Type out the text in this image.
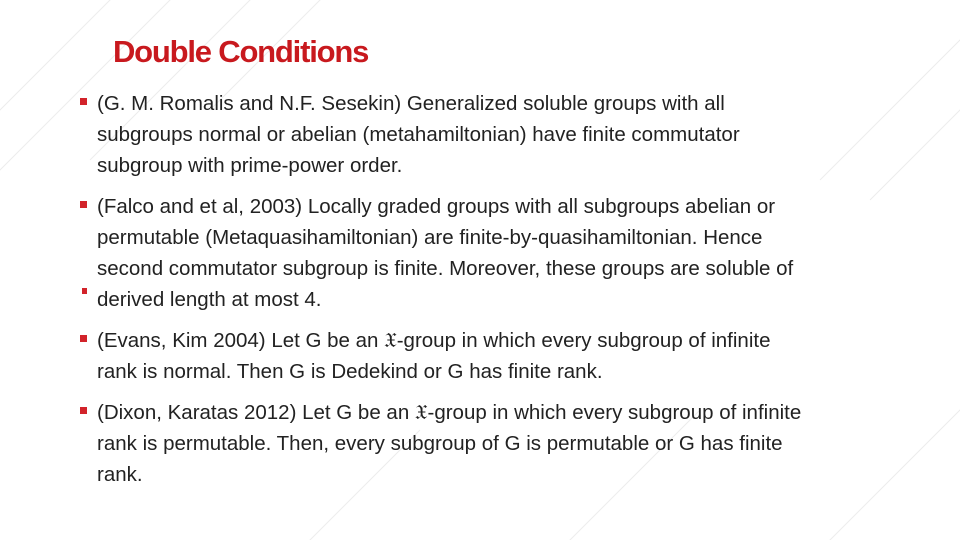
Double Conditions
(G. M. Romalis and N.F. Sesekin) Generalized soluble groups with all
subgroups normal or abelian (metahamiltonian) have finite commutator
subgroup with prime-power order.
(Falco and et al, 2003) Locally graded groups with all subgroups abelian or
permutable (Metaquasihamiltonian) are finite-by-quasihamiltonian. Hence
second commutator subgroup is finite. Moreover, these groups are soluble of
derived length at most 4.
(Evans, Kim 2004) Let G be an 𝔛-group in which every subgroup of infinite
rank is normal. Then G is Dedekind or G has finite rank.
(Dixon, Karatas 2012) Let G be an 𝔛-group in which every subgroup of infinite
rank is permutable. Then, every subgroup of G is permutable or G has finite
rank.
